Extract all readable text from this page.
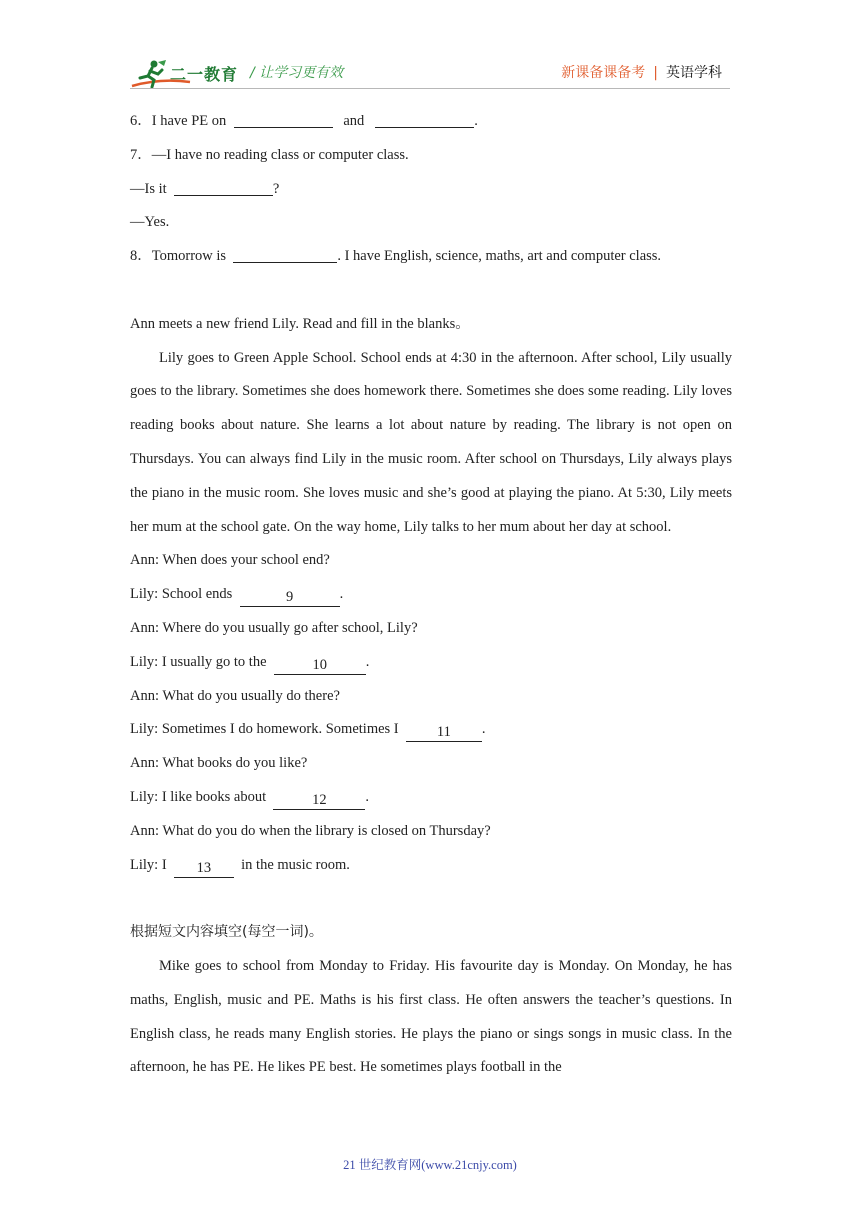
二一教育 / 让学习更有效	新课备课备考 | 英语学科
6．I have PE on	and	.
7．—I have no reading class or computer class.
—Is it	?
—Yes.
8．Tomorrow is	. I have English, science, maths, art and computer class.
Ann meets a new friend Lily. Read and fill in the blanks。

Lily goes to Green Apple School. School ends at 4:30 in the afternoon. After school, Lily usually goes to the library. Sometimes she does homework there. Sometimes she does some reading. Lily loves reading books about nature. She learns a lot about nature by reading. The library is not open on Thursdays. You can always find Lily in the music room. After school on Thursdays, Lily always plays the piano in the music room. She loves music and she’s good at playing the piano. At 5:30, Lily meets her mum at the school gate. On the way home, Lily talks to her mum about her day at school.

Ann: When does your school end?
Lily: School ends	9	.
Ann: Where do you usually go after school, Lily?
Lily: I usually go to the	10	.
Ann: What do you usually do there?
Lily: Sometimes I do homework. Sometimes I	11 .
Ann: What books do you like?
Lily: I like books about	12	.
Ann: What do you do when the library is closed on Thursday?
Lily: I 13 in the music room.
根据短文内容填空(每空一词)。

Mike goes to school from Monday to Friday. His favourite day is Monday. On Monday, he has maths, English, music and PE. Maths is his first class. He often answers the teacher’s questions. In English class, he reads many English stories. He plays the piano or sings songs in music class. In the afternoon, he has PE. He likes PE best. He sometimes plays football in the

21 世纪教育网(www.21cnjy.com)
